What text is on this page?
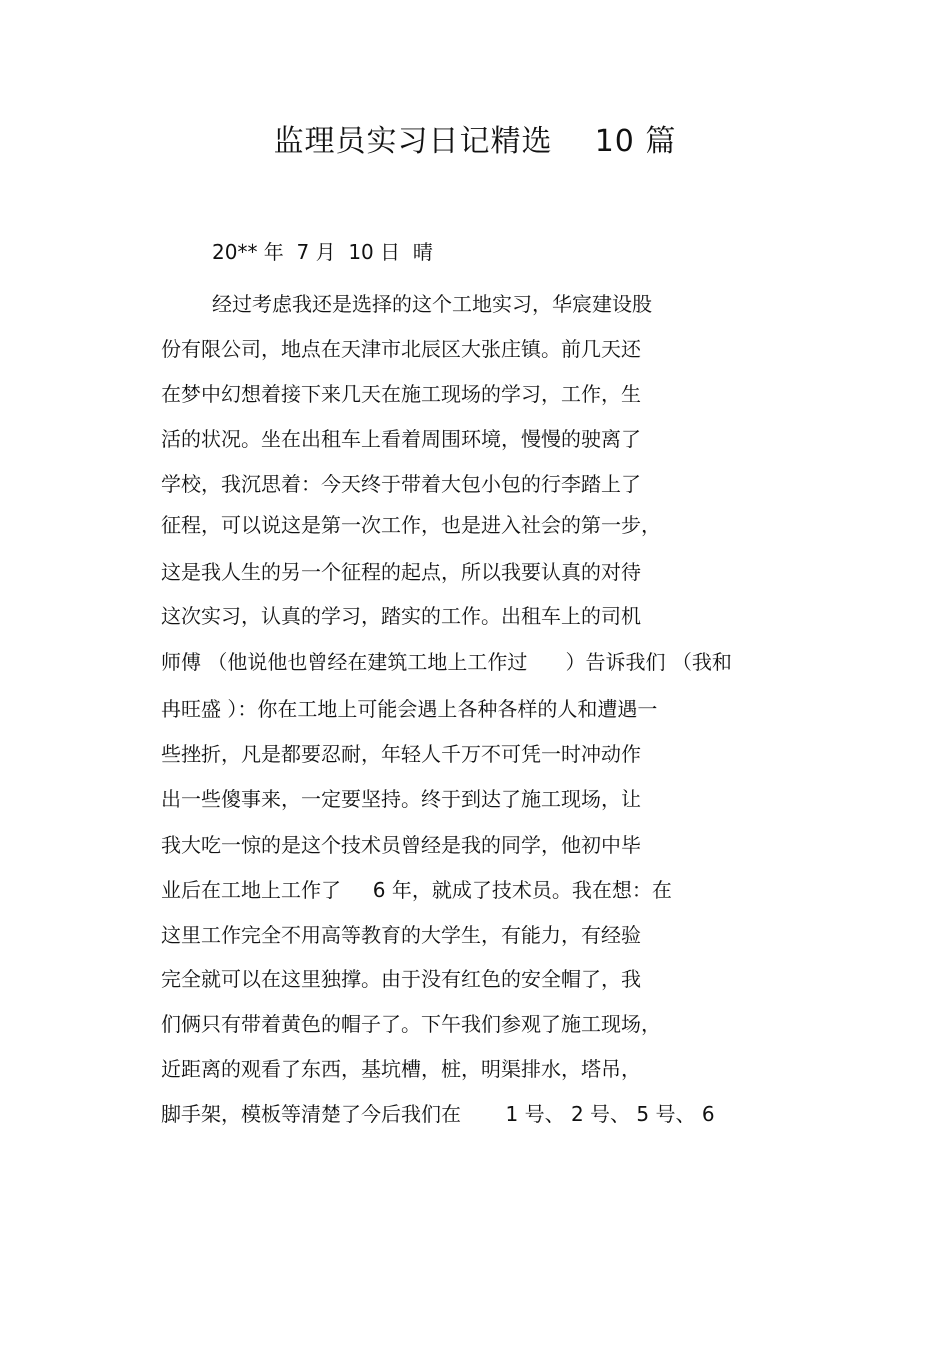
监理员实习日记精选    10 篇
20** 年  7 月  10 日  晴
经过考虑我还是选择的这个工地实习，华宸建设股
份有限公司，地点在天津市北辰区大张庄镇。前几天还
在梦中幻想着接下来几天在施工现场的学习，工作，生
活的状况。坐在出租车上看着周围环境，慢慢的驶离了
学校，我沉思着：今天终于带着大包小包的行李踏上了
征程，可以说这是第一次工作，也是进入社会的第一步，
这是我人生的另一个征程的起点，所以我要认真的对待
这次实习，认真的学习，踏实的工作。出租车上的司机
师傅 （他说他也曾经在建筑工地上工作过      ）告诉我们 （我和
冉旺盛 ）：你在工地上可能会遇上各种各样的人和遭遇一
些挫折，凡是都要忍耐，年轻人千万不可凭一时冲动作
出一些傻事来，一定要坚持。终于到达了施工现场，让
我大吃一惊的是这个技术员曾经是我的同学，他初中毕
业后在工地上工作了     6 年，就成了技术员。我在想：在
这里工作完全不用高等教育的大学生，有能力，有经验
完全就可以在这里独撑。由于没有红色的安全帽了，我
们俩只有带着黄色的帽子了。下午我们参观了施工现场，
近距离的观看了东西，基坑槽，桩，明渠排水，塔吊，
脚手架，模板等清楚了今后我们在       1 号、 2 号、 5 号、 6
